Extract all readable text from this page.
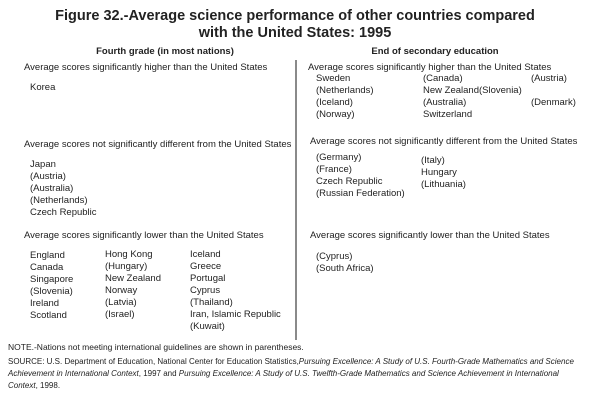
Figure 32.-Average science performance of other countries compared
with the United States: 1995
Fourth grade (in most nations)	End of secondary education
Average scores significantly higher than the United States
Korea
Average scores not significantly different from the United States
Japan
(Austria)
(Australia)
(Netherlands)
Czech Republic
Average scores significantly lower than the United States
England
Canada
Singapore
(Slovenia)
Ireland
Scotland
Hong Kong
(Hungary)
New Zealand
Norway
(Latvia)
(Israel)
Iceland
Greece
Portugal
Cyprus
(Thailand)
Iran, Islamic Republic
(Kuwait)
Average scores significantly higher than the United States
Sweden
(Netherlands)
(Iceland)
(Norway)
(Canada)
New Zealand(Slovenia)
(Australia)
Switzerland
(Austria)
(Denmark)
Average scores not significantly different from the United States
(Germany)
(France)
Czech Republic
(Russian Federation)
(Italy)
Hungary
(Lithuania)
Average scores significantly lower than the United States
(Cyprus)
(South Africa)
NOTE.-Nations not meeting international guidelines are shown in parentheses.
SOURCE: U.S. Department of Education, National Center for Education Statistics,Pursuing Excellence: A Study of U.S. Fourth-Grade Mathematics and Science Achievement in International Context, 1997 and Pursuing Excellence: A Study of U.S. Twelfth-Grade Mathematics and Science Achievement in International Context, 1998.
